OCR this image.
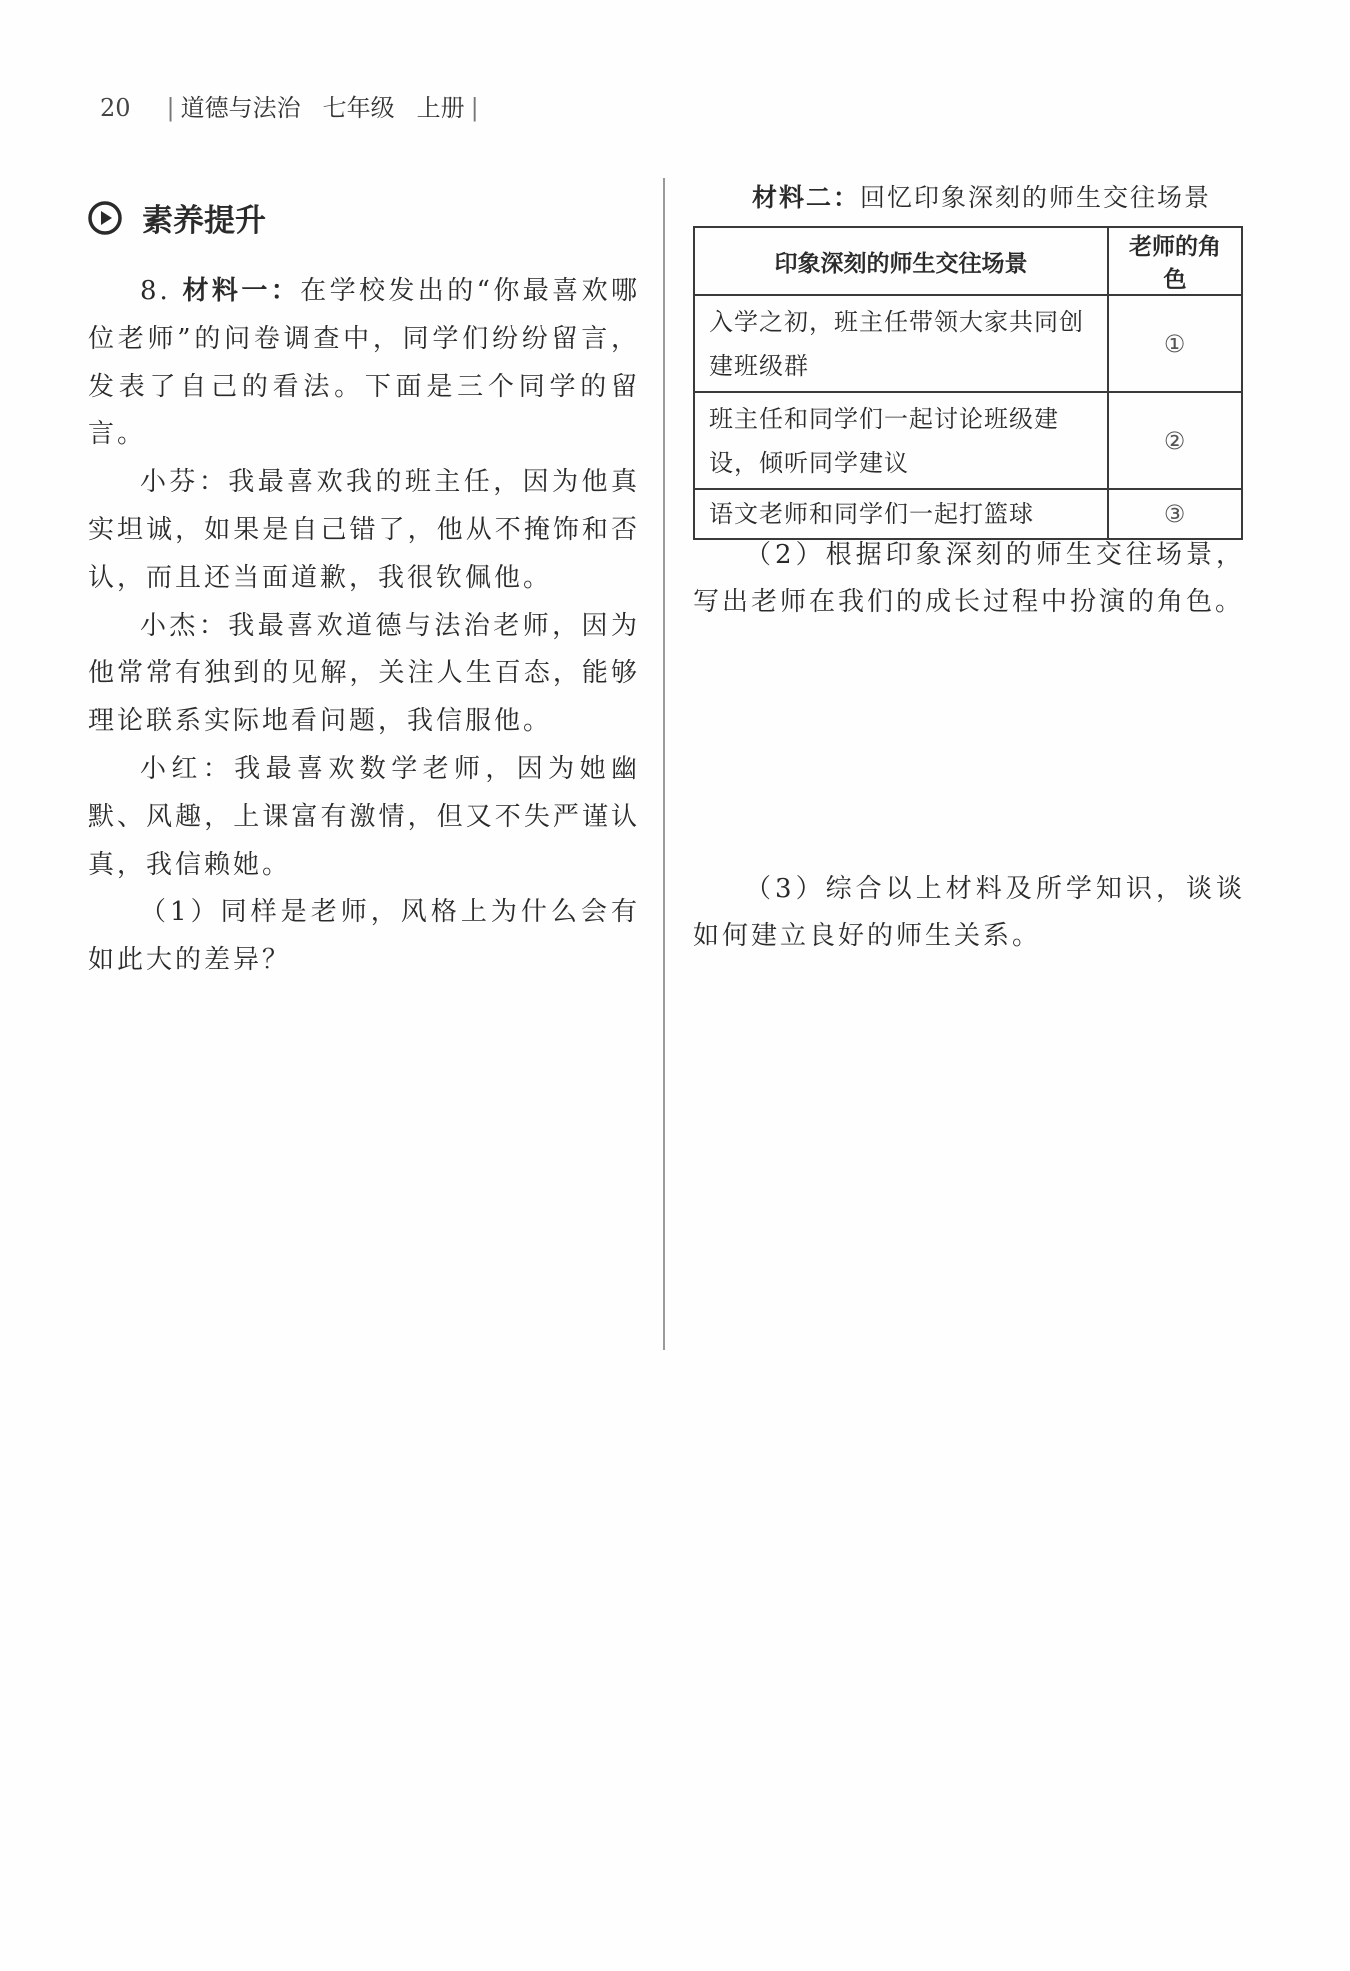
20 | 道德与法治 七年级 上册 |
素养提升

8. 材料一：在学校发出的“你最喜欢哪位老师”的问卷调查中，同学们纷纷留言，发表了自己的看法。下面是三个同学的留言。

小芬：我最喜欢我的班主任，因为他真实坦诚，如果是自己错了，他从不掩饰和否认，而且还当面道歉，我很钦佩他。

小杰：我最喜欢道德与法治老师，因为他常常有独到的见解，关注人生百态，能够理论联系实际地看问题，我信服他。

小红：我最喜欢数学老师，因为她幽默、风趣，上课富有激情，但又不失严谨认真，我信赖她。

（1）同样是老师，风格上为什么会有如此大的差异？

材料二：回忆印象深刻的师生交往场景
印象深刻的师生交往场景	老师的角色
入学之初，班主任带领大家共同创建班级群	①
班主任和同学们一起讨论班级建设，倾听同学建议	②
语文老师和同学们一起打篮球	③

（2）根据印象深刻的师生交往场景，写出老师在我们的成长过程中扮演的角色。

（3）综合以上材料及所学知识，谈谈如何建立良好的师生关系。
